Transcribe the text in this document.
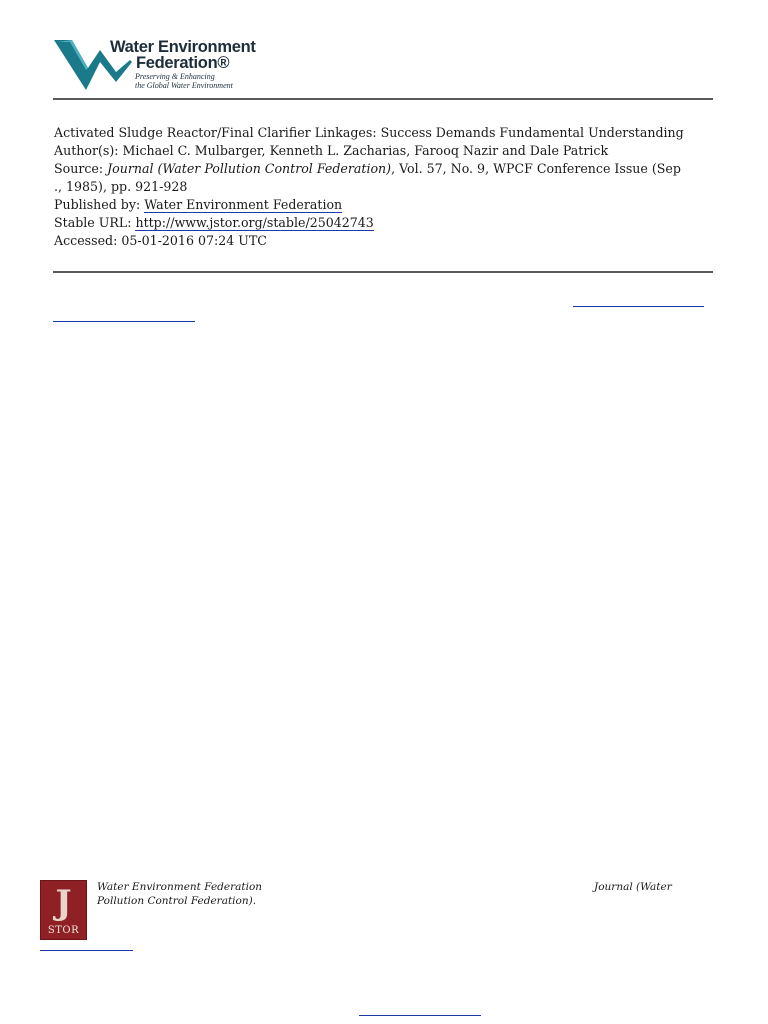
Water Environment

Federation®

Preserving & Enhancing

the Global Water Environment

Activated Sludge Reactor/Final Clarifier Linkages: Success Demands Fundamental Understanding

Author(s): Michael C. Mulbarger, Kenneth L. Zacharias, Farooq Nazir and Dale Patrick

Source: Journal (Water Pollution Control Federation), Vol. 57, No. 9, WPCF Conference Issue (Sep

., 1985), pp. 921-928

Published by: Water Environment Federation

Stable URL: http://www.jstor.org/stable/25042743

Accessed: 05-01-2016 07:24 UTC

J

STOR

Water Environment Federation	Journal (Water

Pollution Control Federation).
